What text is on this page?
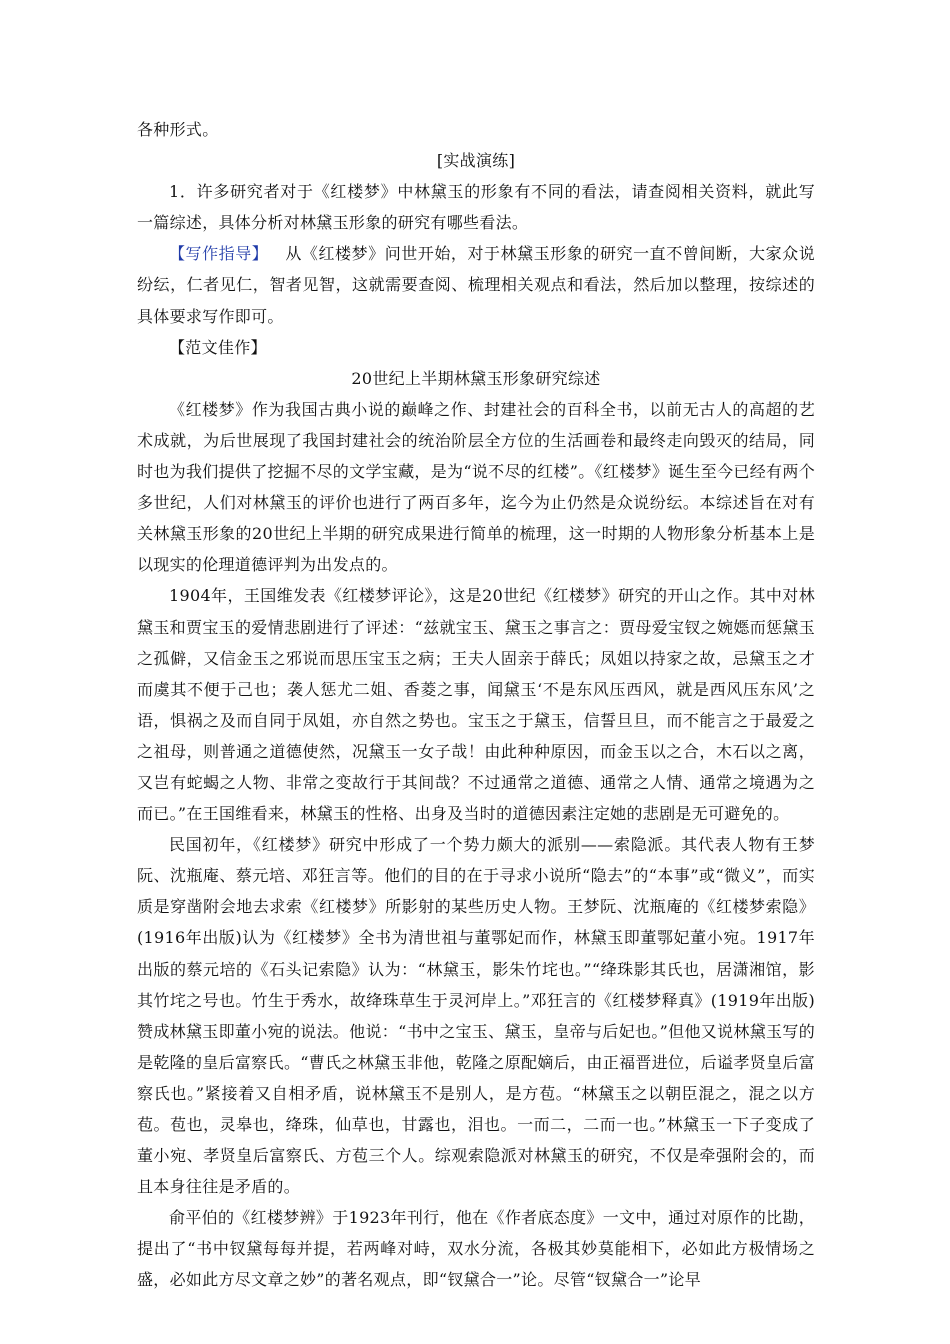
各种形式。

[实战演练]

1．许多研究者对于《红楼梦》中林黛玉的形象有不同的看法，请查阅相关资料，就此写一篇综述，具体分析对林黛玉形象的研究有哪些看法。

【写作指导】 从《红楼梦》问世开始，对于林黛玉形象的研究一直不曾间断，大家众说纷纭，仁者见仁，智者见智，这就需要查阅、梳理相关观点和看法，然后加以整理，按综述的具体要求写作即可。

【范文佳作】

20世纪上半期林黛玉形象研究综述

《红楼梦》作为我国古典小说的巅峰之作、封建社会的百科全书，以前无古人的高超的艺术成就，为后世展现了我国封建社会的统治阶层全方位的生活画卷和最终走向毁灭的结局，同时也为我们提供了挖掘不尽的文学宝藏，是为“说不尽的红楼”。《红楼梦》诞生至今已经有两个多世纪，人们对林黛玉的评价也进行了两百多年，迄今为止仍然是众说纷纭。本综述旨在对有关林黛玉形象的20世纪上半期的研究成果进行简单的梳理，这一时期的人物形象分析基本上是以现实的伦理道德评判为出发点的。

1904年，王国维发表《红楼梦评论》，这是20世纪《红楼梦》研究的开山之作。其中对林黛玉和贾宝玉的爱情悲剧进行了评述：“兹就宝玉、黛玉之事言之：贾母爱宝钗之婉嫕而惩黛玉之孤僻，又信金玉之邪说而思压宝玉之病；王夫人固亲于薛氏；凤姐以持家之故，忌黛玉之才而虞其不便于己也；袭人惩尤二姐、香菱之事，闻黛玉‘不是东风压西风，就是西风压东风’之语，惧祸之及而自同于凤姐，亦自然之势也。宝玉之于黛玉，信誓旦旦，而不能言之于最爱之之祖母，则普通之道德使然，况黛玉一女子哉！由此种种原因，而金玉以之合，木石以之离，又岂有蛇蝎之人物、非常之变故行于其间哉？不过通常之道德、通常之人情、通常之境遇为之而已。”在王国维看来，林黛玉的性格、出身及当时的道德因素注定她的悲剧是无可避免的。

民国初年，《红楼梦》研究中形成了一个势力颇大的派别——索隐派。其代表人物有王梦阮、沈瓶庵、蔡元培、邓狂言等。他们的目的在于寻求小说所“隐去”的“本事”或“微义”，而实质是穿凿附会地去求索《红楼梦》所影射的某些历史人物。王梦阮、沈瓶庵的《红楼梦索隐》(1916年出版)认为《红楼梦》全书为清世祖与董鄂妃而作，林黛玉即董鄂妃董小宛。1917年出版的蔡元培的《石头记索隐》认为：“林黛玉，影朱竹垞也。”“绛珠影其氏也，居潇湘馆，影其竹垞之号也。竹生于秀水，故绛珠草生于灵河岸上。”邓狂言的《红楼梦释真》(1919年出版)赞成林黛玉即董小宛的说法。他说：“书中之宝玉、黛玉，皇帝与后妃也。”但他又说林黛玉写的是乾隆的皇后富察氏。“曹氏之林黛玉非他，乾隆之原配嫡后，由正福晋进位，后谥孝贤皇后富察氏也。”紧接着又自相矛盾，说林黛玉不是别人，是方苞。“林黛玉之以朝臣混之，混之以方苞。苞也，灵皋也，绛珠，仙草也，甘露也，泪也。一而二，二而一也。”林黛玉一下子变成了董小宛、孝贤皇后富察氏、方苞三个人。综观索隐派对林黛玉的研究，不仅是牵强附会的，而且本身往往是矛盾的。

俞平伯的《红楼梦辨》于1923年刊行，他在《作者底态度》一文中，通过对原作的比勘，提出了“书中钗黛每每并提，若两峰对峙，双水分流，各极其妙莫能相下，必如此方极情场之盛，必如此方尽文章之妙”的著名观点，即“钗黛合一”论。尽管“钗黛合一”论早
